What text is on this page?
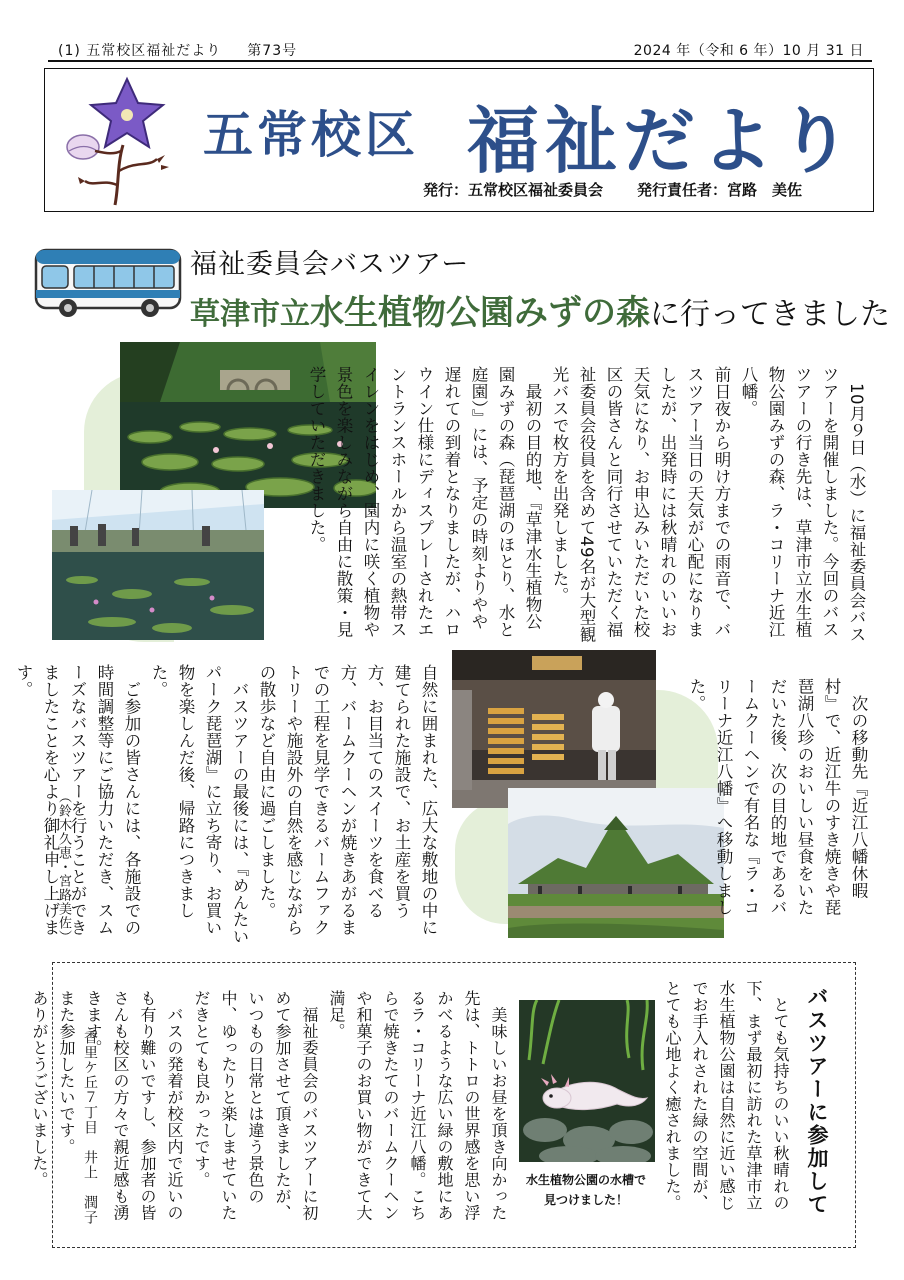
(1) 五常校区福祉だより 第73号	2024 年（令和 6 年）10 月 31 日
五常校区 福祉だより
発行：五常校区福祉委員会 発行責任者：宮路　美佐
福祉委員会バスツアー
草津市立水生植物公園みずの森に行ってきました

　10月９日（水）に福祉委員会バスツアーを開催しました。今回のバスツアーの行き先は、草津市立水生植物公園みずの森、ラ・コリーナ近江八幡。
前日夜から明け方までの雨音で、バスツアー当日の天気が心配になりましたが、出発時には秋晴れのいいお天気になり、お申込みいただいた校区の皆さんと同行させていただく福祉委員会役員を含めて49名が大型観光バスで枚方を出発しました。
　最初の目的地、『草津水生植物公園みずの森（琵琶湖のほとり、水と庭園）』には、予定の時刻よりやや遅れての到着となりましたが、ハロウイン仕様にディスプレーされたエントランスホールから温室の熱帯スイレンをはじめ、園内に咲く植物や景色を楽しみながら自由に散策・見学していただきました。

　次の移動先『近江八幡休暇村』で、近江牛のすき焼きや琵琶湖八珍のおいしい昼食をいただいた後、次の目的地であるバームクーヘンで有名な『ラ・コリーナ近江八幡』へ移動しました。

自然に囲まれた、広大な敷地の中に建てられた施設で、お土産を買う方、お目当てのスイーツを食べる方、バームクーヘンが焼きあがるまでの工程を見学できるバームファクトリーや施設外の自然を感じながらの散歩など自由に過ごしました。
　バスツアーの最後には、『めんたいパーク琵琶湖』に立ち寄り、お買い物を楽しんだ後、帰路につきました。
　ご参加の皆さんには、各施設での時間調整等にご協力いただき、スムーズなバスツアーを行うことができましたことを心より御礼申し上げます。

（鈴木久恵・宮路美佐）
バスツアーに参加して

　とても気持ちのいい秋晴れの下、まず最初に訪れた草津市立水生植物公園は自然に近い感じでお手入れされた緑の空間が、とても心地よく癒されました。

　美味しいお昼を頂き向かった先は、トトロの世界感を思い浮かべるような広い緑の敷地にあるラ・コリーナ近江八幡。こちらで焼きたてのバームクーヘンや和菓子のお買い物ができて大満足。
　福祉委員会のバスツアーに初めて参加させて頂きましたが、いつもの日常とは違う景色の中、ゆったりと楽しませていただきとても良かったです。
　バスの発着が校区内で近いのも有り難いですし、参加者の皆さんも校区の方々で親近感も湧きます。
また参加したいです。
ありがとうございました。	香里ケ丘７丁目　井上　潤子	水生植物公園の水槽で
見つけました！
